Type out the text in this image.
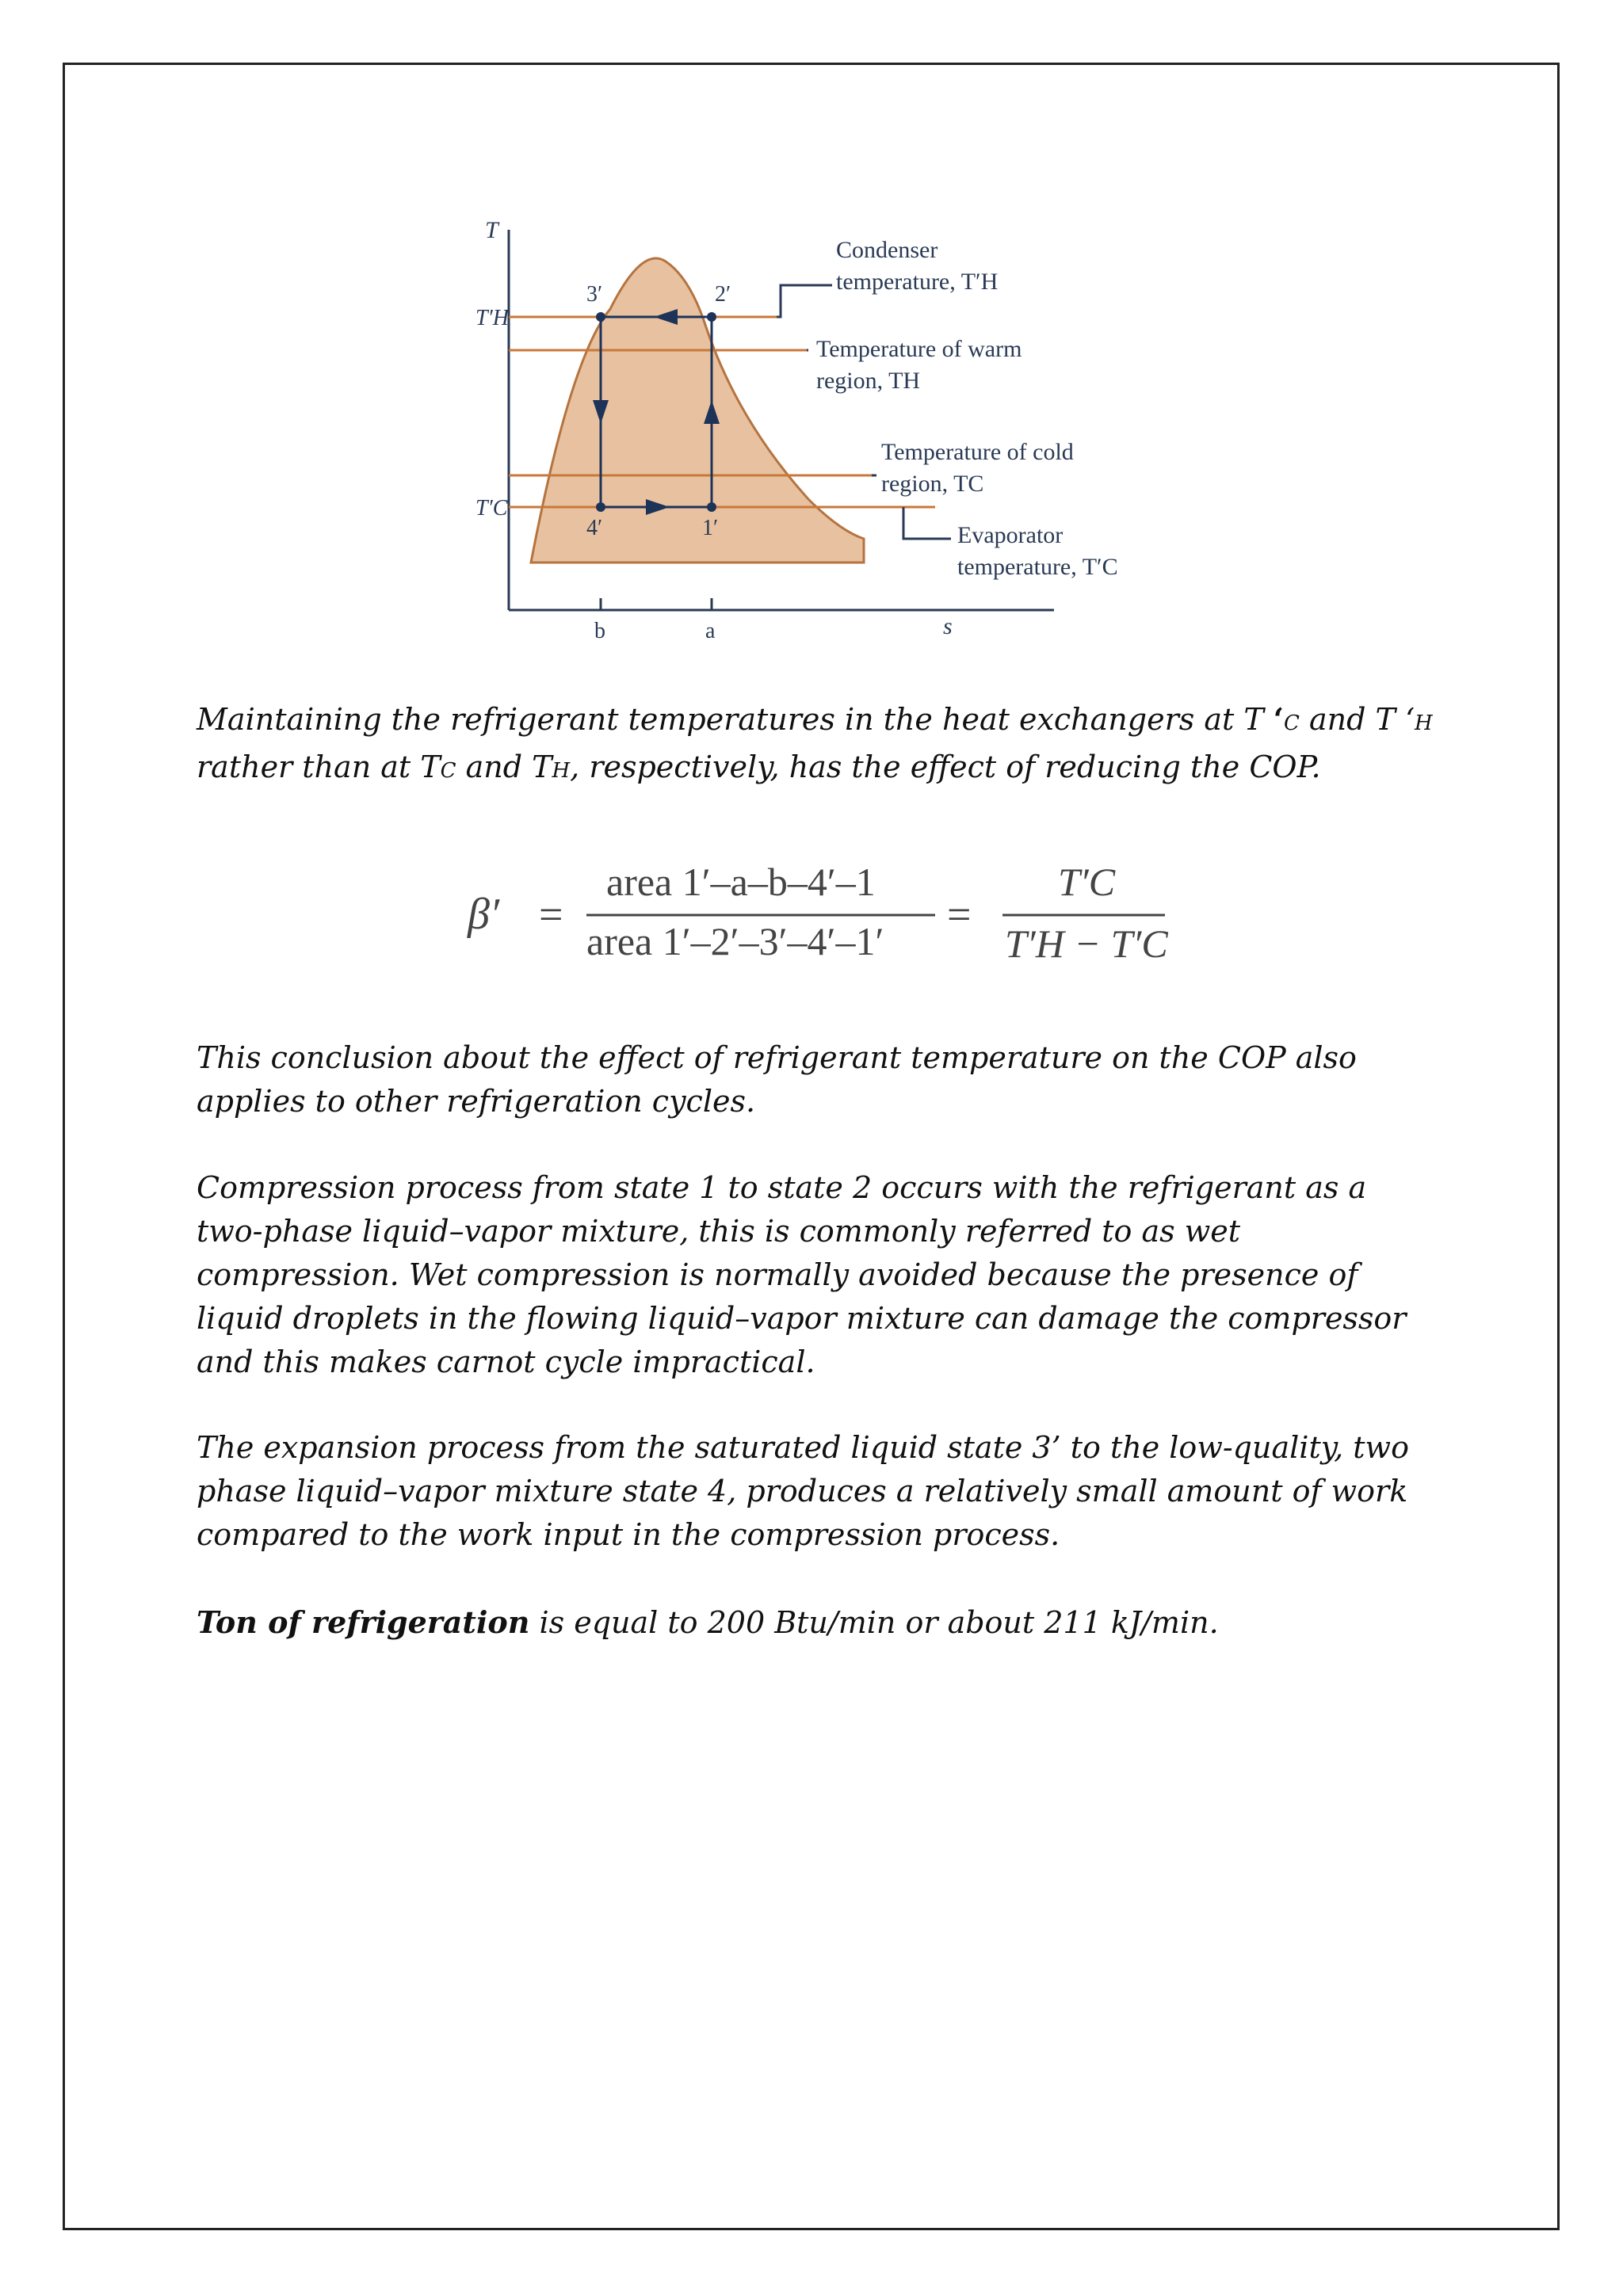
T
s
T′H
T′C
b	a
3′	2′
4′	1′
Condenser
temperature, T′H
Temperature of warm
region, TH
Temperature of cold
region, TC
Evaporator
temperature, T′C

Maintaining the refrigerant temperatures in the heat exchangers at T ‘C and T ‘H
rather than at TC and TH, respectively, has the effect of reducing the COP.

β′ =
area 1′–a–b–4′–1
area 1′–2′–3′–4′–1′
=
T′C
T′H − T′C

This conclusion about the effect of refrigerant temperature on the COP also applies to other refrigeration cycles.

Compression process from state 1 to state 2 occurs with the refrigerant as a two-phase liquid–vapor mixture, this is commonly referred to as wet compression. Wet compression is normally avoided because the presence of liquid droplets in the flowing liquid–vapor mixture can damage the compressor and this makes carnot cycle impractical.

The expansion process from the saturated liquid state 3’ to the low-quality, two phase liquid–vapor mixture state 4, produces a relatively small amount of work compared to the work input in the compression process.

Ton of refrigeration is equal to 200 Btu/min or about 211 kJ/min.
